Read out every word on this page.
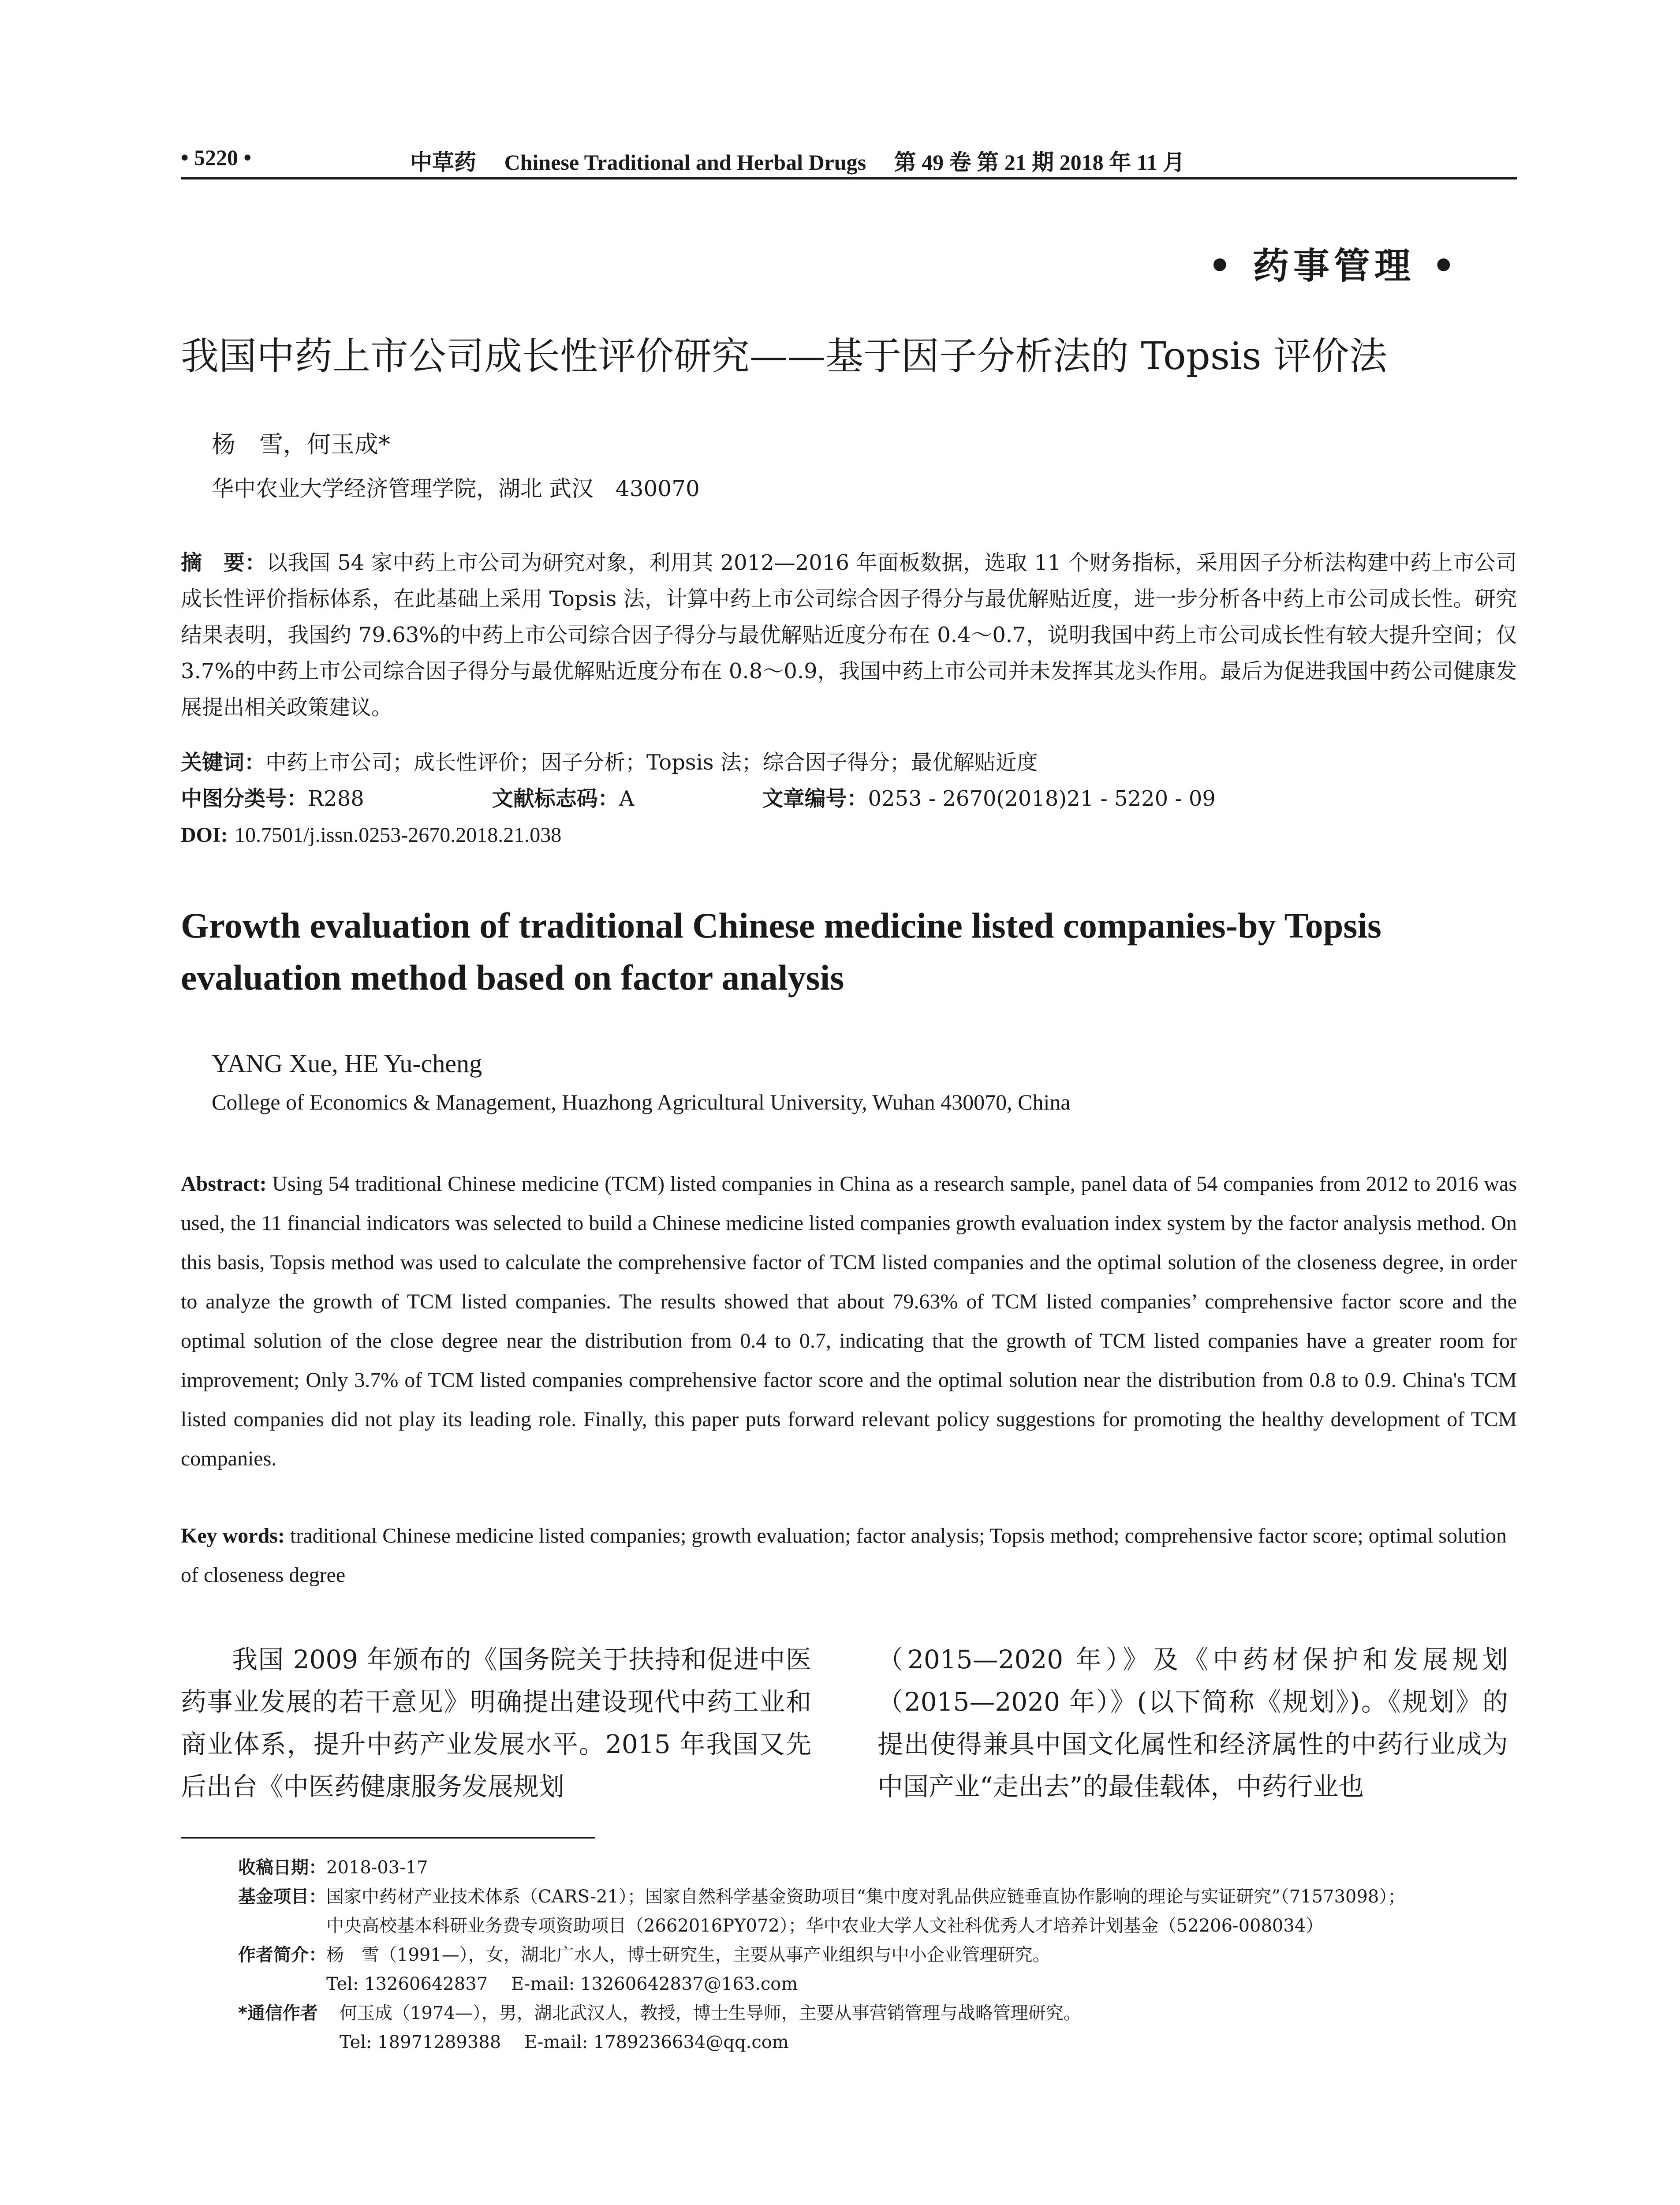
• 5220 •	中草药 Chinese Traditional and Herbal Drugs 第 49 卷 第 21 期 2018 年 11 月
• 药事管理 •
我国中药上市公司成长性评价研究——基于因子分析法的 Topsis 评价法
杨　雪，何玉成*
华中农业大学经济管理学院，湖北 武汉　430070
摘　要：以我国 54 家中药上市公司为研究对象，利用其 2012—2016 年面板数据，选取 11 个财务指标，采用因子分析法构建中药上市公司成长性评价指标体系，在此基础上采用 Topsis 法，计算中药上市公司综合因子得分与最优解贴近度，进一步分析各中药上市公司成长性。研究结果表明，我国约 79.63%的中药上市公司综合因子得分与最优解贴近度分布在 0.4～0.7，说明我国中药上市公司成长性有较大提升空间；仅 3.7%的中药上市公司综合因子得分与最优解贴近度分布在 0.8～0.9，我国中药上市公司并未发挥其龙头作用。最后为促进我国中药公司健康发展提出相关政策建议。
关键词：中药上市公司；成长性评价；因子分析；Topsis 法；综合因子得分；最优解贴近度
中图分类号：R288	文献标志码：A	文章编号：0253 - 2670(2018)21 - 5220 - 09
DOI: 10.7501/j.issn.0253-2670.2018.21.038
Growth evaluation of traditional Chinese medicine listed companies-by Topsis evaluation method based on factor analysis
YANG Xue, HE Yu-cheng
College of Economics & Management, Huazhong Agricultural University, Wuhan 430070, China
Abstract: Using 54 traditional Chinese medicine (TCM) listed companies in China as a research sample, panel data of 54 companies from 2012 to 2016 was used, the 11 financial indicators was selected to build a Chinese medicine listed companies growth evaluation index system by the factor analysis method. On this basis, Topsis method was used to calculate the comprehensive factor of TCM listed companies and the optimal solution of the closeness degree, in order to analyze the growth of TCM listed companies. The results showed that about 79.63% of TCM listed companies’ comprehensive factor score and the optimal solution of the close degree near the distribution from 0.4 to 0.7, indicating that the growth of TCM listed companies have a greater room for improvement; Only 3.7% of TCM listed companies comprehensive factor score and the optimal solution near the distribution from 0.8 to 0.9. China's TCM listed companies did not play its leading role. Finally, this paper puts forward relevant policy suggestions for promoting the healthy development of TCM companies.
Key words: traditional Chinese medicine listed companies; growth evaluation; factor analysis; Topsis method; comprehensive factor score; optimal solution of closeness degree
我国 2009 年颁布的《国务院关于扶持和促进中医药事业发展的若干意见》明确提出建设现代中药工业和商业体系，提升中药产业发展水平。2015 年我国又先后出台《中医药健康服务发展规划
（2015—2020 年）》及《中药材保护和发展规划（2015—2020 年）》(以下简称《规划》)。《规划》的提出使得兼具中国文化属性和经济属性的中药行业成为中国产业“走出去”的最佳载体，中药行业也
收稿日期：2018-03-17
基金项目：国家中药材产业技术体系（CARS-21）；国家自然科学基金资助项目“集中度对乳品供应链垂直协作影响的理论与实证研究”（71573098）；
中央高校基本科研业务费专项资助项目（2662016PY072）；华中农业大学人文社科优秀人才培养计划基金（52206-008034）
作者简介：杨　雪（1991—），女，湖北广水人，博士研究生，主要从事产业组织与中小企业管理研究。
Tel: 13260642837　 E-mail: 13260642837@163.com
*通信作者 何玉成（1974—），男，湖北武汉人，教授，博士生导师，主要从事营销管理与战略管理研究。
Tel: 18971289388　 E-mail: 1789236634@qq.com
